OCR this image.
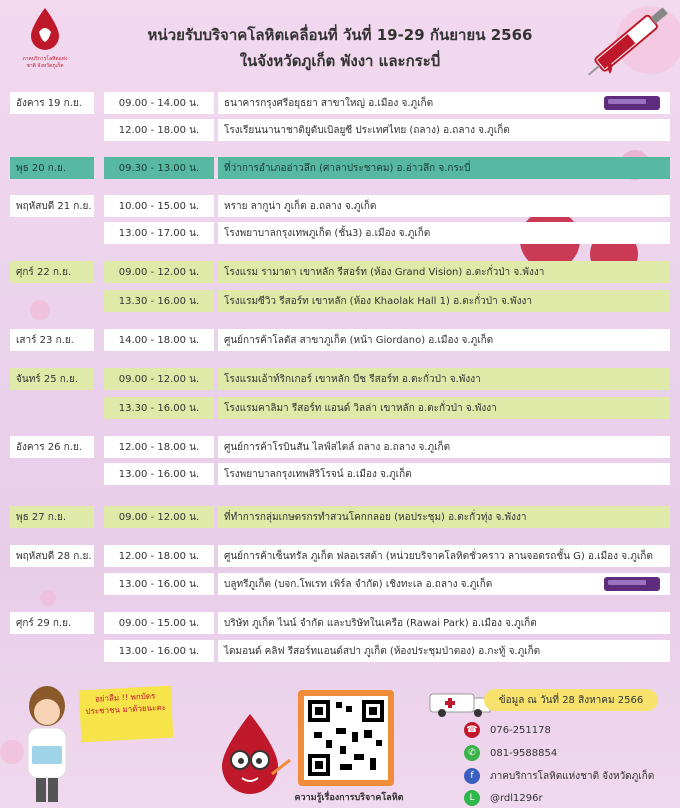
ภาคบริการโลหิตแห่งชาติ จังหวัดภูเก็ต
หน่วยรับบริจาคโลหิตเคลื่อนที่ วันที่ 19-29 กันยายน 2566
ในจังหวัดภูเก็ต พังงา และกระบี่
อังคาร 19 ก.ย.	09.00 - 14.00 น.	ธนาคารกรุงศรีอยุธยา สาขาใหญ่ อ.เมือง จ.ภูเก็ต
12.00 - 18.00 น.	โรงเรียนนานาชาติยูดับเบิลยูซี ประเทศไทย (ถลาง) อ.ถลาง จ.ภูเก็ต
พุธ 20 ก.ย.	09.30 - 13.00 น.	ที่ว่าการอำเภออ่าวลึก (ศาลาประชาคม) อ.อ่าวลึก จ.กระบี่
พฤหัสบดี 21 ก.ย.	10.00 - 15.00 น.	หราย ลากูน่า ภูเก็ต อ.ถลาง จ.ภูเก็ต
13.00 - 17.00 น.	โรงพยาบาลกรุงเทพภูเก็ต (ชั้น3) อ.เมือง จ.ภูเก็ต
ศุกร์ 22 ก.ย.	09.00 - 12.00 น.	โรงแรม รามาดา เขาหลัก รีสอร์ท (ห้อง Grand Vision) อ.ตะกั่วป่า จ.พังงา
13.30 - 16.00 น.	โรงแรมซีวิว รีสอร์ท เขาหลัก (ห้อง Khaolak Hall 1) อ.ตะกั่วป่า จ.พังงา
เสาร์ 23 ก.ย.	14.00 - 18.00 น.	ศูนย์การค้าโลตัส สาขาภูเก็ต (หน้า Giordano) อ.เมือง จ.ภูเก็ต
จันทร์ 25 ก.ย.	09.00 - 12.00 น.	โรงแรมเอ้าท์ริกเกอร์ เขาหลัก บีช รีสอร์ท อ.ตะกั่วป่า จ.พังงา
13.30 - 16.00 น.	โรงแรมคาลิมา รีสอร์ท แอนด์ วิลล่า เขาหลัก อ.ตะกั่วป่า จ.พังงา
อังคาร 26 ก.ย.	12.00 - 18.00 น.	ศูนย์การค้าโรบินสัน ไลฟ์สไตล์ ถลาง อ.ถลาง จ.ภูเก็ต
13.00 - 16.00 น.	โรงพยาบาลกรุงเทพสิริโรจน์ อ.เมือง จ.ภูเก็ต
พุธ 27 ก.ย.	09.00 - 12.00 น.	ที่ทำการกลุ่มเกษตรกรทำสวนโคกกลอย (หอประชุม) อ.ตะกั่วทุ่ง จ.พังงา
พฤหัสบดี 28 ก.ย.	12.00 - 18.00 น.	ศูนย์การค้าเซ็นทรัล ภูเก็ต ฟลอเรสต้า (หน่วยบริจาคโลหิตชั่วคราว ลานจอดรถชั้น G) อ.เมือง จ.ภูเก็ต
13.00 - 16.00 น.	บลูทรีภูเก็ต (บจก.โพเรท เพิร์ล จำกัด) เชิงทะเล อ.ถลาง จ.ภูเก็ต
ศุกร์ 29 ก.ย.	09.00 - 15.00 น.	บริษัท ภูเก็ต ไนน์ จำกัด และบริษัทในเครือ (Rawai Park) อ.เมือง จ.ภูเก็ต
13.00 - 16.00 น.	ไดมอนด์ คลิฟ รีสอร์ทแอนด์สปา ภูเก็ต (ห้องประชุมป่าตอง) อ.กะทู้ จ.ภูเก็ต
อย่าลืม !! พกบัตรประชาชน มาด้วยนะคะ
ความรู้เรื่องการบริจาคโลหิต
ข้อมูล ณ วันที่ 28 สิงหาคม 2566
☎ 076-251178
✆	081-9588854
f	ภาคบริการโลหิตแห่งชาติ จังหวัดภูเก็ต
L	@rdl1296r
